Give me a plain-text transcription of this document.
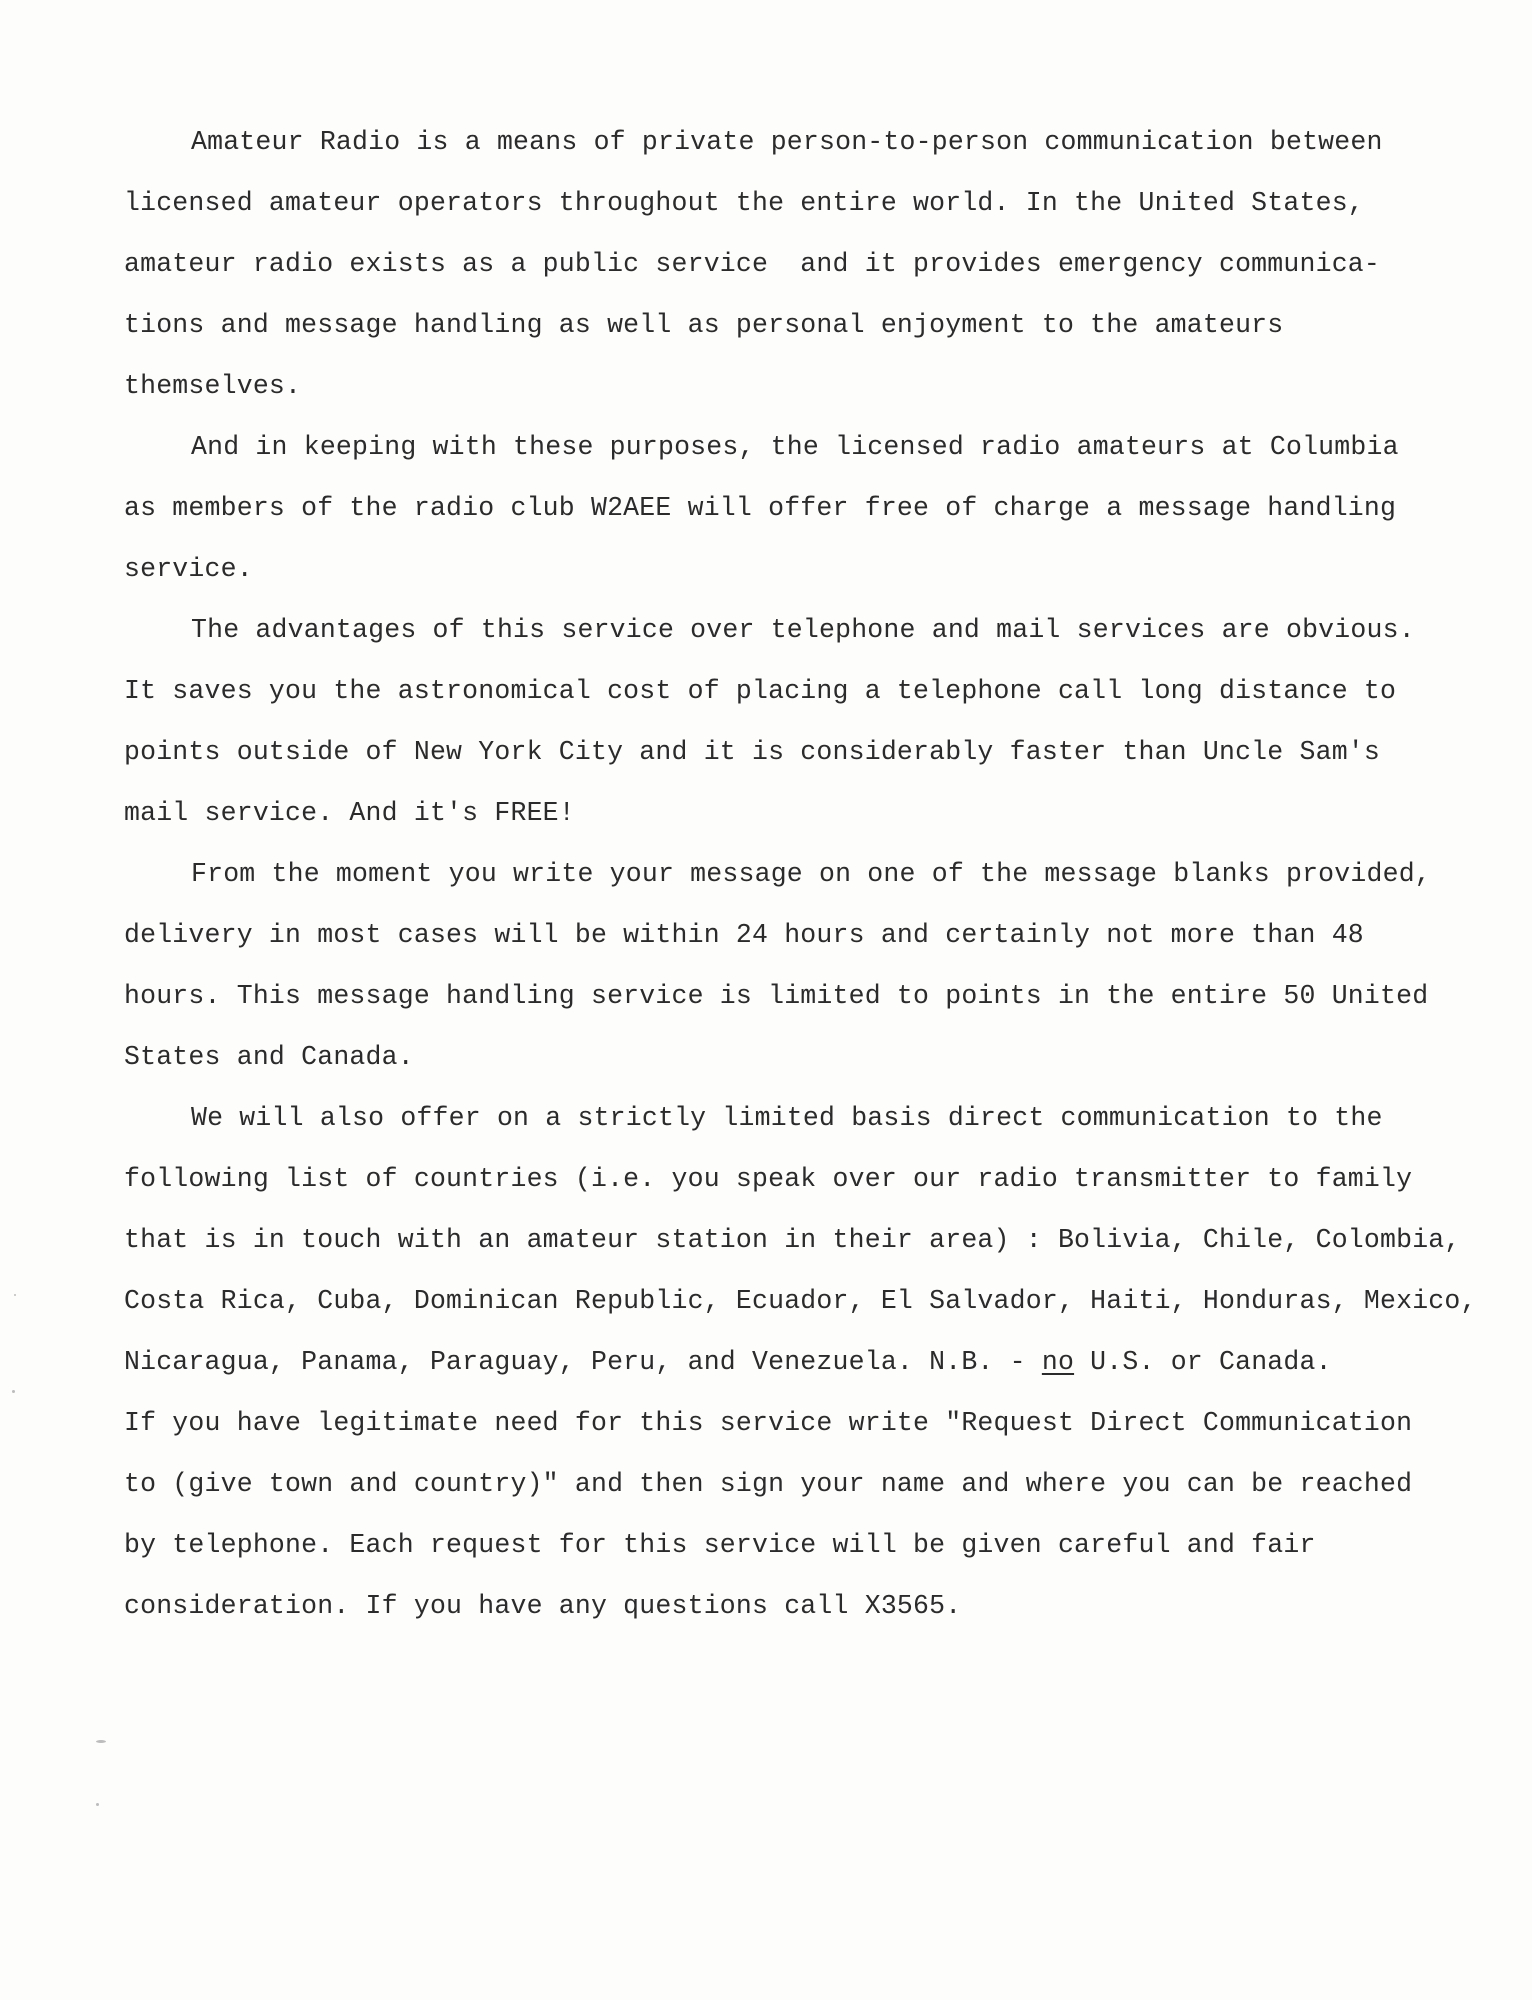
Amateur Radio is a means of private person-to-person communication between
licensed amateur operators throughout the entire world. In the United States,
amateur radio exists as a public service  and it provides emergency communica-
tions and message handling as well as personal enjoyment to the amateurs
themselves.
And in keeping with these purposes, the licensed radio amateurs at Columbia
as members of the radio club W2AEE will offer free of charge a message handling
service.
The advantages of this service over telephone and mail services are obvious.
It saves you the astronomical cost of placing a telephone call long distance to
points outside of New York City and it is considerably faster than Uncle Sam's
mail service. And it's FREE!
From the moment you write your message on one of the message blanks provided,
delivery in most cases will be within 24 hours and certainly not more than 48
hours. This message handling service is limited to points in the entire 50 United
States and Canada.
We will also offer on a strictly limited basis direct communication to the
following list of countries (i.e. you speak over our radio transmitter to family
that is in touch with an amateur station in their area) : Bolivia, Chile, Colombia,
Costa Rica, Cuba, Dominican Republic, Ecuador, El Salvador, Haiti, Honduras, Mexico,
Nicaragua, Panama, Paraguay, Peru, and Venezuela. N.B. - no U.S. or Canada.
If you have legitimate need for this service write "Request Direct Communication
to (give town and country)" and then sign your name and where you can be reached
by telephone. Each request for this service will be given careful and fair
consideration. If you have any questions call X3565.
